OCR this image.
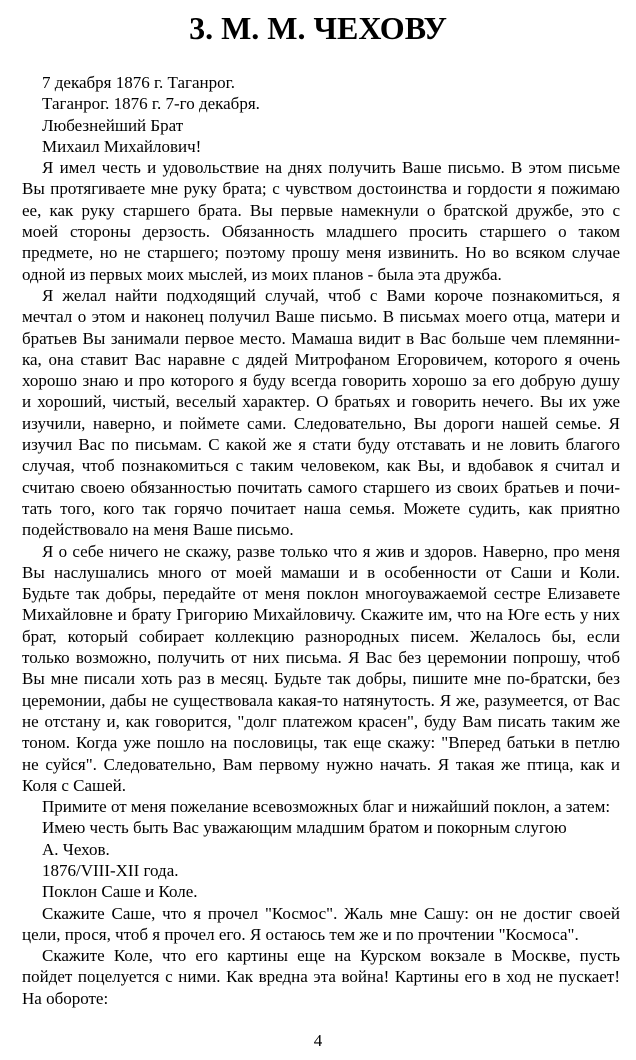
3. М. М. ЧЕХОВУ
7 декабря 1876 г. Таганрог.
Таганрог. 1876 г. 7-го декабря.
Любезнейший Брат
Михаил Михайлович!
Я имел честь и удовольствие на днях получить Ваше письмо. В этом письме
Вы протягиваете мне руку брата; с чувством достоинства и гордости я пожимаю
ее, как руку старшего брата. Вы первые намекнули о братской дружбе, это с
моей стороны дерзость. Обязанность младшего просить старшего о таком
предмете, но не старшего; поэтому прошу меня извинить. Но во всяком случае
одной из первых моих мыслей, из моих планов - была эта дружба.
Я желал найти подходящий случай, чтоб с Вами короче познакомиться, я
мечтал о этом и наконец получил Ваше письмо. В письмах моего отца, матери и
братьев Вы занимали первое место. Мамаша видит в Вас больше чем племянни-
ка, она ставит Вас наравне с дядей Митрофаном Егоровичем, которого я очень
хорошо знаю и про которого я буду всегда говорить хорошо за его добрую душу
и хороший, чистый, веселый характер. О братьях и говорить нечего. Вы их уже
изучили, наверно, и поймете сами. Следовательно, Вы дороги нашей семье. Я
изучил Вас по письмам. С какой же я стати буду отставать и не ловить благого
случая, чтоб познакомиться с таким человеком, как Вы, и вдобавок я считал и
считаю своею обязанностью почитать самого старшего из своих братьев и почи-
тать того, кого так горячо почитает наша семья. Можете судить, как приятно
подействовало на меня Ваше письмо.
Я о себе ничего не скажу, разве только что я жив и здоров. Наверно, про меня
Вы наслушались много от моей мамаши и в особенности от Саши и Коли.
Будьте так добры, передайте от меня поклон многоуважаемой сестре Елизавете
Михайловне и брату Григорию Михайловичу. Скажите им, что на Юге есть у них
брат, который собирает коллекцию разнородных писем. Желалось бы, если
только возможно, получить от них письма. Я Вас без церемонии попрошу, чтоб
Вы мне писали хоть раз в месяц. Будьте так добры, пишите мне по-братски, без
церемонии, дабы не существовала какая-то натянутость. Я же, разумеется, от Вас
не отстану и, как говорится, "долг платежом красен", буду Вам писать таким же
тоном. Когда уже пошло на пословицы, так еще скажу: "Вперед батьки в петлю
не суйся". Следовательно, Вам первому нужно начать. Я такая же птица, как и
Коля с Сашей.
Примите от меня пожелание всевозможных благ и нижайший поклон, а затем:
Имею честь быть Вас уважающим младшим братом и покорным слугою
А. Чехов.
1876/VIII-XII года.
Поклон Саше и Коле.
Скажите Саше, что я прочел "Космос". Жаль мне Сашу: он не достиг своей
цели, прося, чтоб я прочел его. Я остаюсь тем же и по прочтении "Космоса".
Скажите Коле, что его картины еще на Курском вокзале в Москве, пусть
пойдет поцелуется с ними. Как вредна эта война! Картины его в ход не пускает!
На обороте:
4
